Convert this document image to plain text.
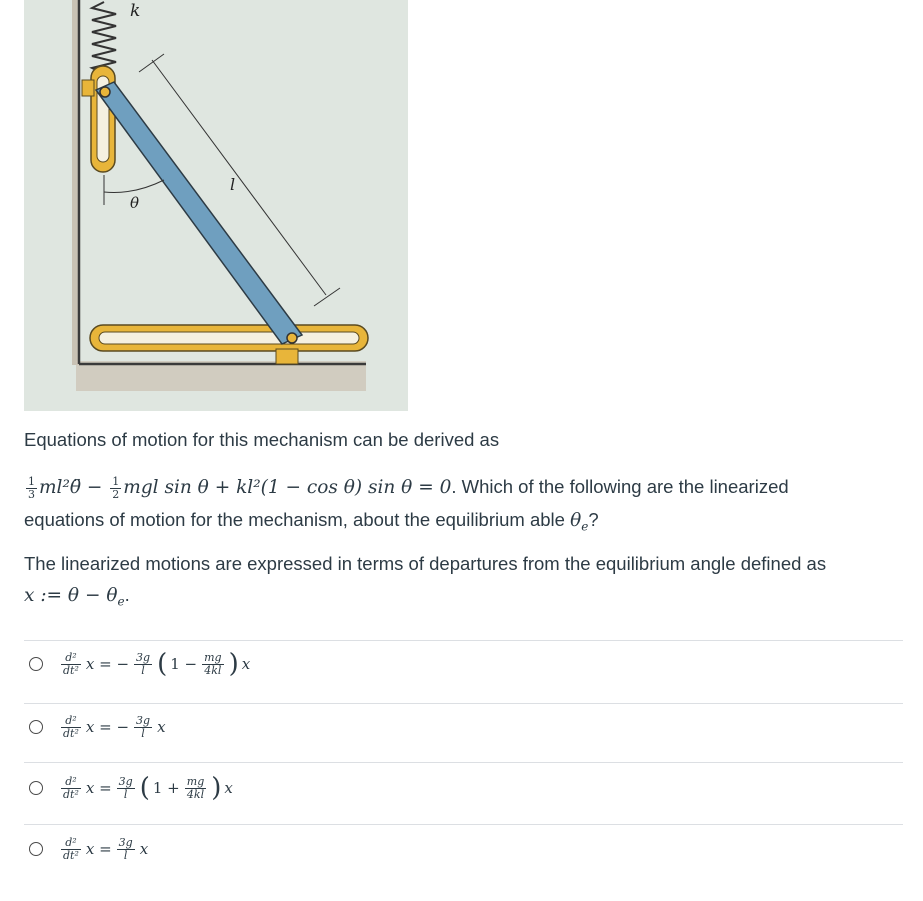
θ
l
k
Equations of motion for this mechanism can be derived as
$\frac{1}{3}$ ml²θ̈ − $\frac{1}{2}$ mgl sin θ + kl²(1 − cos θ) sin θ = 0. Which of the following are the linearized
equations of motion for the mechanism, about the equilibrium able $\theta_e$?
The linearized motions are expressed in terms of departures from the equilibrium angle defined as
x := $\theta - \theta_e$.
$\frac{\text{d²}}{\text{dt²}}$ x = − $\frac{3g}{l}$ ( $1 - \frac{mg}{4kl}$ ) x
$\frac{\text{d²}}{\text{dt²}}$ x = − $\frac{3g}{l}$ x
$\frac{\text{d²}}{\text{dt²}}$ $x = \frac{3g}{l}$ ( $1 + \frac{mg}{4kl}$ ) x
$\frac{\text{d²}}{\text{dt²}}$ $x = \frac{3g}{l}$ x
